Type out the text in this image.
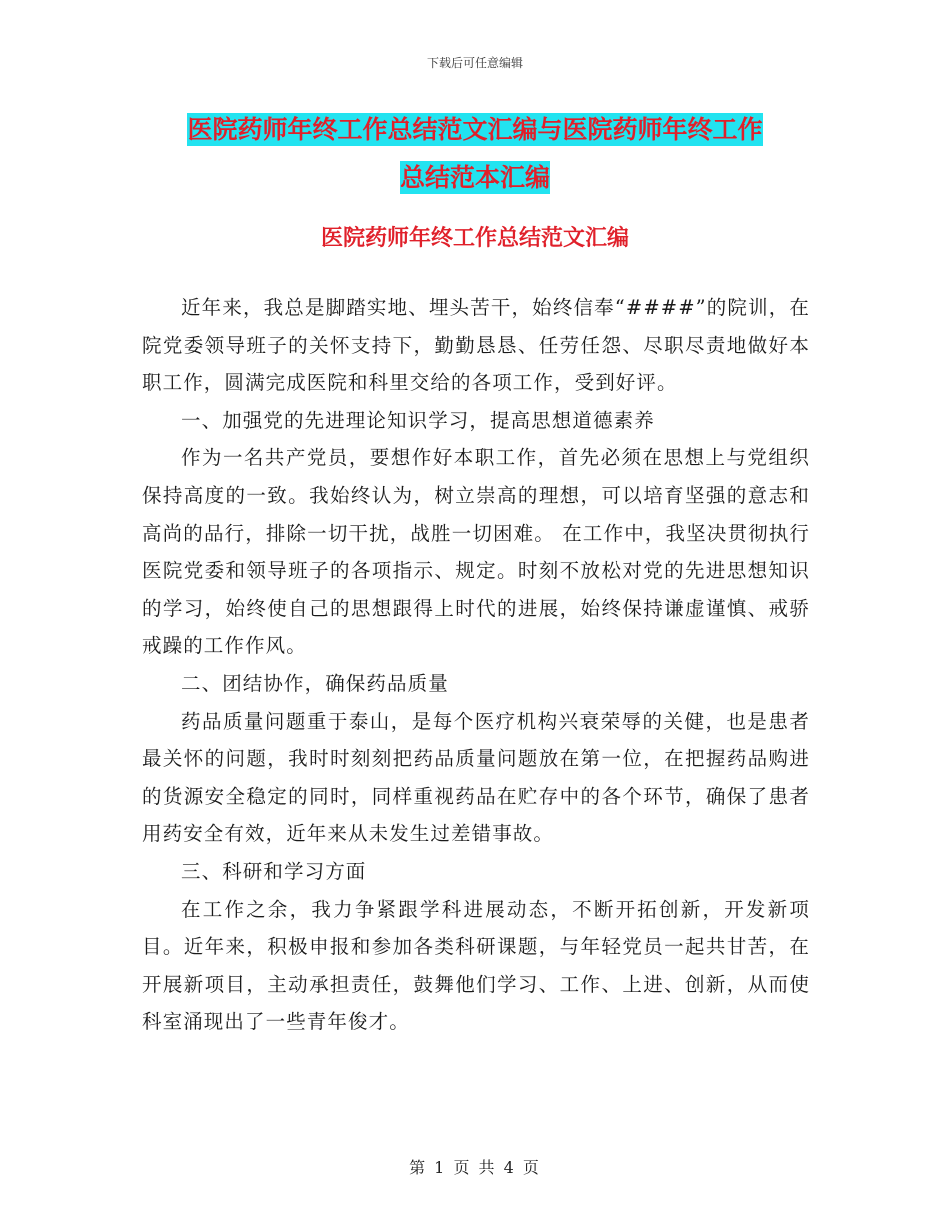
下载后可任意编辑
医院药师年终工作总结范文汇编与医院药师年终工作
总结范本汇编
医院药师年终工作总结范文汇编

近年来，我总是脚踏实地、埋头苦干，始终信奉“####”的院训，在院党委领导班子的关怀支持下，勤勤恳恳、任劳任怨、尽职尽责地做好本职工作，圆满完成医院和科里交给的各项工作，受到好评。

一、加强党的先进理论知识学习，提高思想道德素养

作为一名共产党员，要想作好本职工作，首先必须在思想上与党组织保持高度的一致。我始终认为，树立崇高的理想，可以培育坚强的意志和高尚的品行，排除一切干扰，战胜一切困难。 在工作中，我坚决贯彻执行医院党委和领导班子的各项指示、规定。时刻不放松对党的先进思想知识的学习，始终使自己的思想跟得上时代的进展，始终保持谦虚谨慎、戒骄戒躁的工作作风。

二、团结协作，确保药品质量

药品质量问题重于泰山，是每个医疗机构兴衰荣辱的关健，也是患者最关怀的问题，我时时刻刻把药品质量问题放在第一位，在把握药品购进的货源安全稳定的同时，同样重视药品在贮存中的各个环节，确保了患者用药安全有效，近年来从未发生过差错事故。

三、科研和学习方面

在工作之余，我力争紧跟学科进展动态，不断开拓创新，开发新项目。近年来，积极申报和参加各类科研课题，与年轻党员一起共甘苦，在开展新项目，主动承担责任，鼓舞他们学习、工作、上进、创新，从而使科室涌现出了一些青年俊才。

第 1 页 共 4 页
